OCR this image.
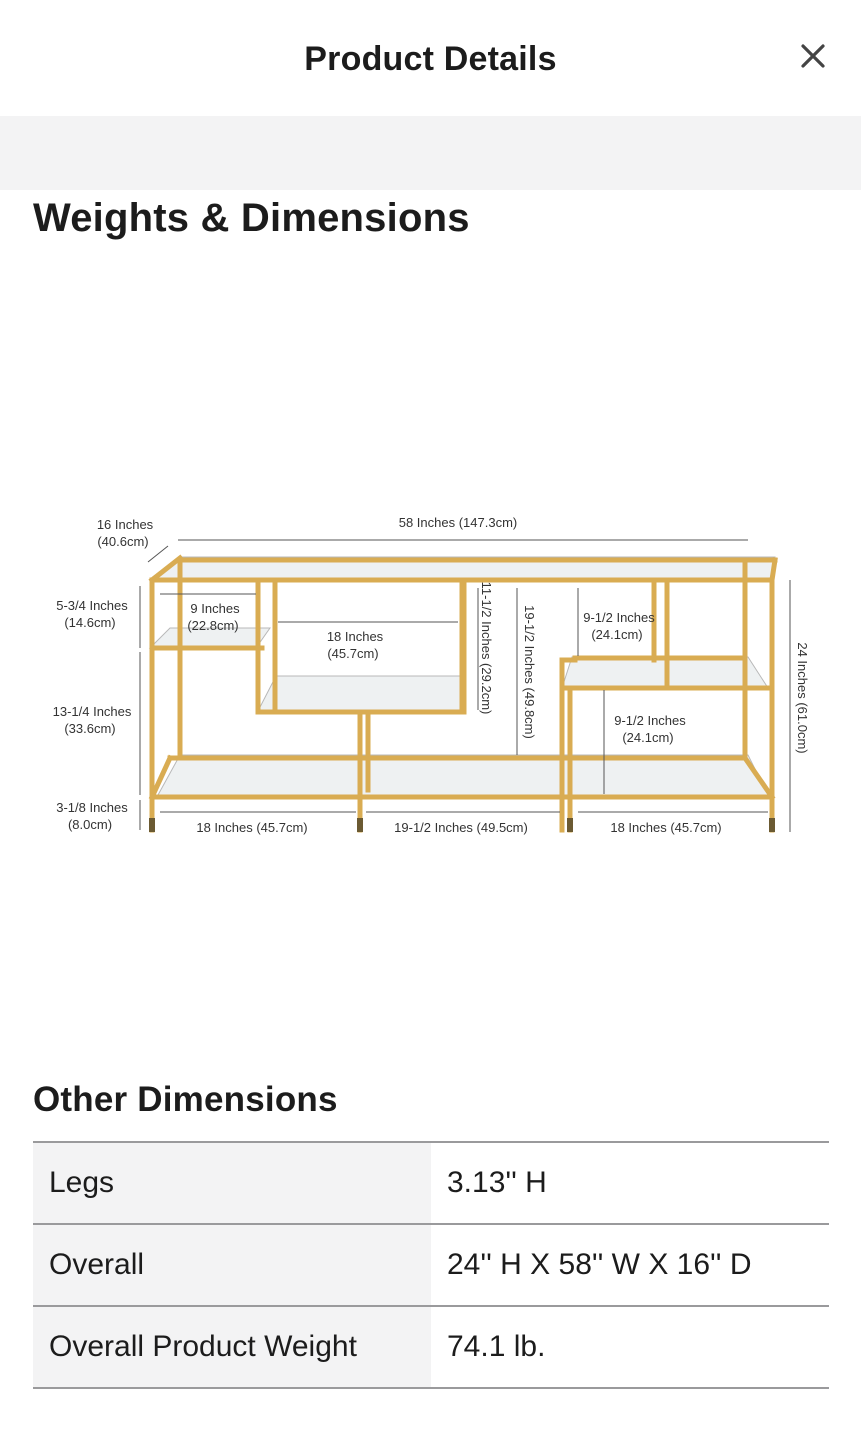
Product Details
Weights & Dimensions
16 Inches
(40.6cm)
58 Inches (147.3cm)
5-3/4 Inches
(14.6cm)
13-1/4 Inches
(33.6cm)
3-1/8 Inches
(8.0cm)
9 Inches
(22.8cm)
18 Inches
(45.7cm)
9-1/2 Inches
(24.1cm)
9-1/2 Inches
(24.1cm)
18 Inches (45.7cm)	19-1/2 Inches (49.5cm)	18 Inches (45.7cm)
11-1/2 Inches (29.2cm) 19-1/2 Inches (49.8cm)	24 Inches (61.0cm)
Other Dimensions
Legs	3.13'' H
Overall	24'' H X 58'' W X 16'' D
Overall Product Weight	74.1 lb.
